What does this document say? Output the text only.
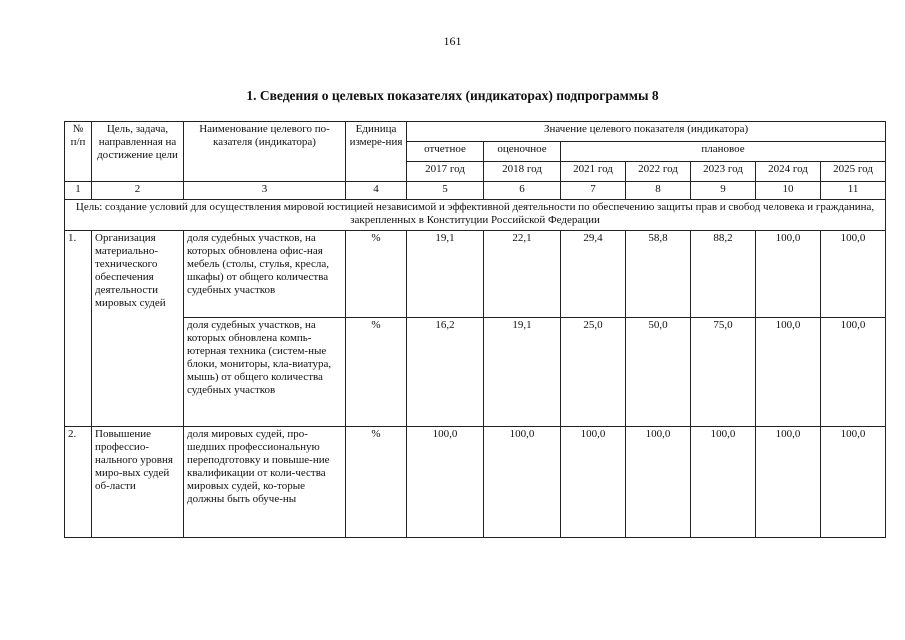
161
1. Сведения о целевых показателях (индикаторах) подпрограммы 8
№ п/п	Цель, задача, направленная на достижение цели	Наименование целевого по-казателя (индикатора)	Единица измере-ния	Значение целевого показателя (индикатора)						
				отчетное	оценочное	плановое				
				2017 год	2018 год	2021 год	2022 год	2023 год	2024 год	2025 год
1	2	3	4	5	6	7	8	9	10	11
Цель: создание условий для осуществления мировой юстицией независимой и эффективной деятельности по обеспечению защиты прав и свобод человека и гражданина, закрепленных в Конституции Российской Федерации										
1.	Организация материально-технического обеспечения деятельности мировых судей	доля судебных участков, на которых обновлена офис-ная мебель (столы, стулья, кресла, шкафы) от общего количества судебных участков	%	19,1	22,1	29,4	58,8	88,2	100,0	100,0
		доля судебных участков, на которых обновлена компь-ютерная техника (систем-ные блоки, мониторы, кла-виатура, мышь) от общего количества судебных участков	%	16,2	19,1	25,0	50,0	75,0	100,0	100,0
2.	Повышение профессио-нального уровня миро-вых судей об-ласти	доля мировых судей, про-шедших профессиональную переподготовку и повыше-ние квалификации от коли-чества мировых судей, ко-торые должны быть обуче-ны	%	100,0	100,0	100,0	100,0	100,0	100,0	100,0
